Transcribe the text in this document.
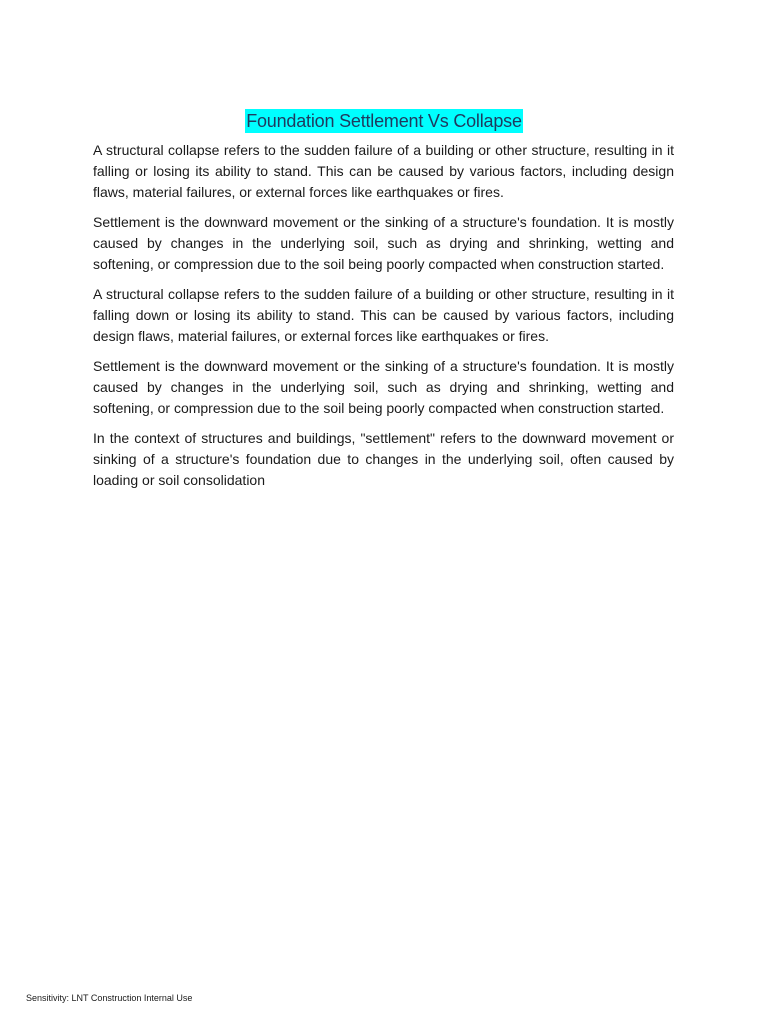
Foundation Settlement Vs Collapse

A structural collapse refers to the sudden failure of a building or other structure, resulting in it falling or losing its ability to stand. This can be caused by various factors, including design flaws, material failures, or external forces like earthquakes or fires.

Settlement is the downward movement or the sinking of a structure's foundation. It is mostly caused by changes in the underlying soil, such as drying and shrinking, wetting and softening, or compression due to the soil being poorly compacted when construction started.

A structural collapse refers to the sudden failure of a building or other structure, resulting in it falling down or losing its ability to stand. This can be caused by various factors, including design flaws, material failures, or external forces like earthquakes or fires.

Settlement is the downward movement or the sinking of a structure's foundation. It is mostly caused by changes in the underlying soil, such as drying and shrinking, wetting and softening, or compression due to the soil being poorly compacted when construction started.

In the context of structures and buildings, "settlement" refers to the downward movement or sinking of a structure's foundation due to changes in the underlying soil, often caused by loading or soil consolidation

Sensitivity: LNT Construction Internal Use
